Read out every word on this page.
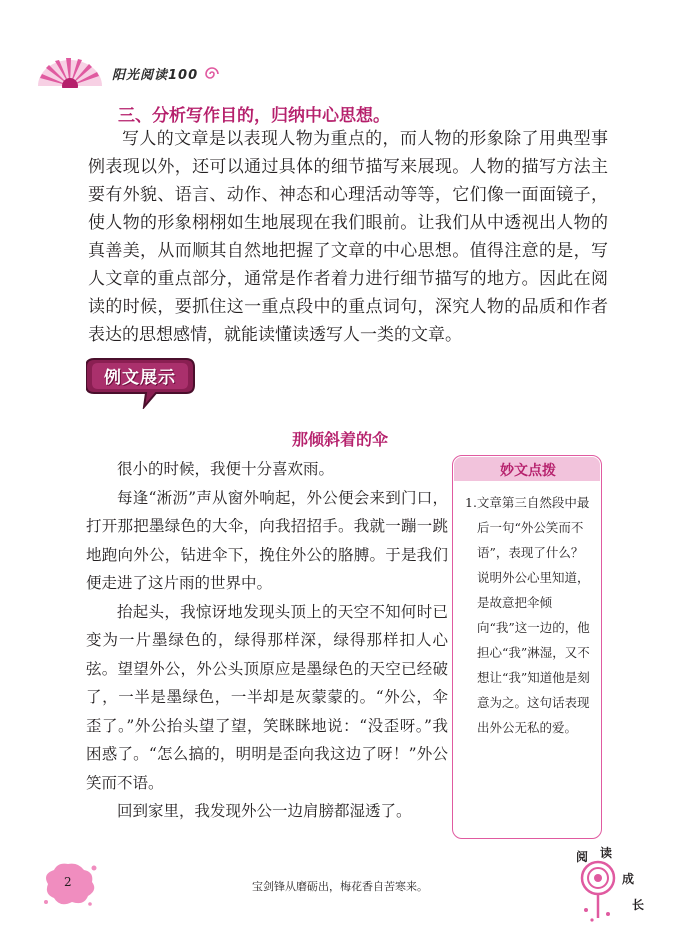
阳光阅读100
三、分析写作目的，归纳中心思想。

写人的文章是以表现人物为重点的，而人物的形象除了用典型事例表现以外，还可以通过具体的细节描写来展现。人物的描写方法主要有外貌、语言、动作、神态和心理活动等等，它们像一面面镜子，使人物的形象栩栩如生地展现在我们眼前。让我们从中透视出人物的真善美，从而顺其自然地把握了文章的中心思想。值得注意的是，写人文章的重点部分，通常是作者着力进行细节描写的地方。因此在阅读的时候，要抓住这一重点段中的重点词句，深究人物的品质和作者表达的思想感情，就能读懂读透写人一类的文章。

例文展示
那倾斜着的伞

很小的时候，我便十分喜欢雨。

每逢“淅沥”声从窗外响起，外公便会来到门口，打开那把墨绿色的大伞，向我招招手。我就一蹦一跳地跑向外公，钻进伞下，挽住外公的胳膊。于是我们便走进了这片雨的世界中。

抬起头，我惊讶地发现头顶上的天空不知何时已变为一片墨绿色的，绿得那样深，绿得那样扣人心弦。望望外公，外公头顶原应是墨绿色的天空已经破了，一半是墨绿色，一半却是灰蒙蒙的。“外公，伞歪了。”外公抬头望了望，笑眯眯地说：“没歪呀。”我困惑了。“怎么搞的，明明是歪向我这边了呀！”外公笑而不语。

回到家里，我发现外公一边肩膀都湿透了。

妙文点拨

1.文章第三自然段中最后一句“外公笑而不语”，表现了什么？说明外公心里知道，是故意把伞倾向“我”这一边的，他担心“我”淋湿，又不想让“我”知道他是刻意为之。这句话表现出外公无私的爱。

2	宝剑锋从磨砺出，梅花香自苦寒来。
阅 读
成
长
